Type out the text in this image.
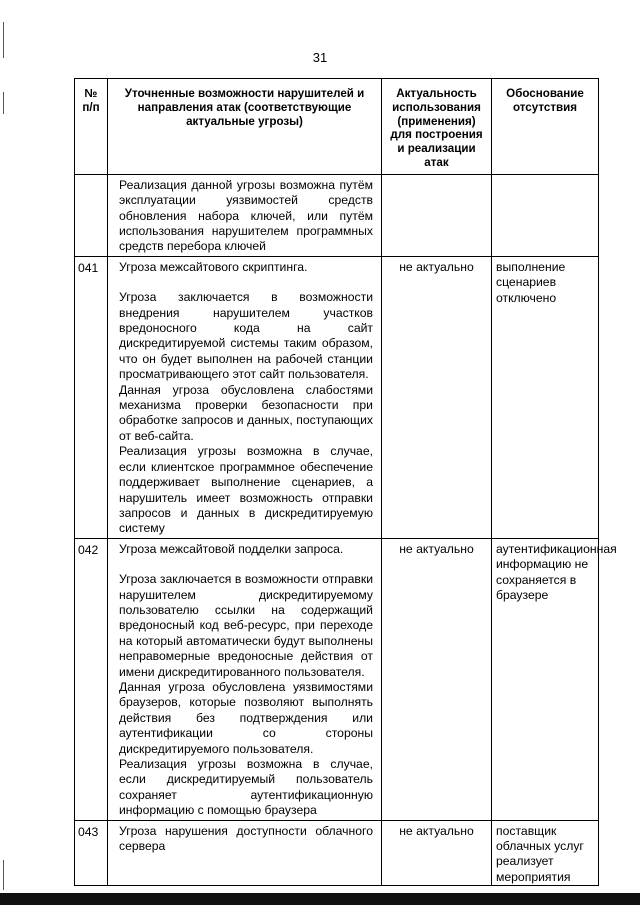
31
№ п/п	Уточненные возможности нарушителей и направления атак (соответствующие актуальные угрозы)	Актуальность использования (применения) для построения и реализации атак	Обоснование отсутствия

	Реализация данной угрозы возможна путём эксплуатации уязвимостей средств обновления набора ключей, или путём использования нарушителем программных средств перебора ключей		

041	Угроза межсайтового скриптинга.

Угроза заключается в возможности внедрения нарушителем участков вредоносного кода на сайт дискредитируемой системы таким образом, что он будет выполнен на рабочей станции просматривающего этот сайт пользователя.

Данная угроза обусловлена слабостями механизма проверки безопасности при обработке запросов и данных, поступающих от веб-сайта.

Реализация угрозы возможна в случае, если клиентское программное обеспечение поддерживает выполнение сценариев, а нарушитель имеет возможность отправки запросов и данных в дискредитируемую систему	не актуально	выполнение сценариев отключено
042	Угроза межсайтовой подделки запроса.

Угроза заключается в возможности отправки нарушителем дискредитируемому пользователю ссылки на содержащий вредоносный код веб-ресурс, при переходе на который автоматически будут выполнены неправомерные вредоносные действия от имени дискредитированного пользователя.

Данная угроза обусловлена уязвимостями браузеров, которые позволяют выполнять действия без подтверждения или аутентификации со стороны дискредитируемого пользователя.

Реализация угрозы возможна в случае, если дискредитируемый пользователь сохраняет аутентификационную информацию с помощью браузера	не актуально	аутентификационная информацию не сохраняется в браузере
043	Угроза нарушения доступности облачного сервера	не актуально	поставщик облачных услуг реализует мероприятия
